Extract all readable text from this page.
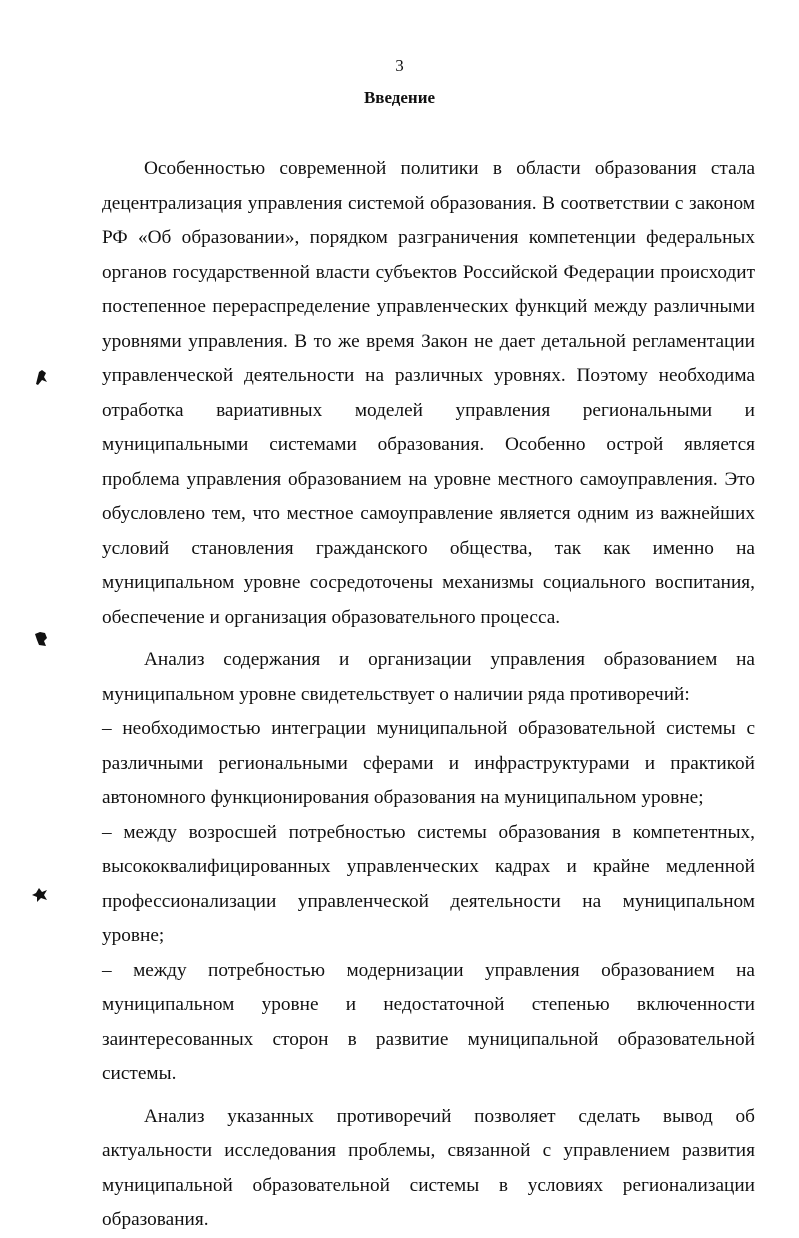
3
Введение

Особенностью современной политики в области образования стала децентрализация управления системой образования. В соответствии с законом РФ «Об образовании», порядком разграничения компетенции федеральных органов государственной власти субъектов Российской Федерации происходит постепенное перераспределение управленческих функций между различными уровнями управления. В то же время Закон не дает детальной регламентации управленческой деятельности на различных уровнях. Поэтому необходима отработка вариативных моделей управления региональными и муниципальными системами образования. Особенно острой является проблема управления образованием на уровне местного самоуправления. Это обусловлено тем, что местное самоуправление является одним из важнейших условий становления гражданского общества, так как именно на муниципальном уровне сосредоточены механизмы социального воспитания, обеспечение и организация образовательного процесса.

Анализ содержания и организации управления образованием на муниципальном уровне свидетельствует о наличии ряда противоречий:

– необходимостью интеграции муниципальной образовательной системы с различными региональными сферами и инфраструктурами и практикой автономного функционирования образования на муниципальном уровне;

– между возросшей потребностью системы образования в компетентных, высококвалифицированных управленческих кадрах и крайне медленной профессионализации управленческой деятельности на муниципальном уровне;

– между потребностью модернизации управления образованием на муниципальном уровне и недостаточной степенью включенности заинтересованных сторон в развитие муниципальной образовательной системы.

Анализ указанных противоречий позволяет сделать вывод об актуальности исследования проблемы, связанной с управлением развития муниципальной образовательной системы в условиях регионализации образования.
